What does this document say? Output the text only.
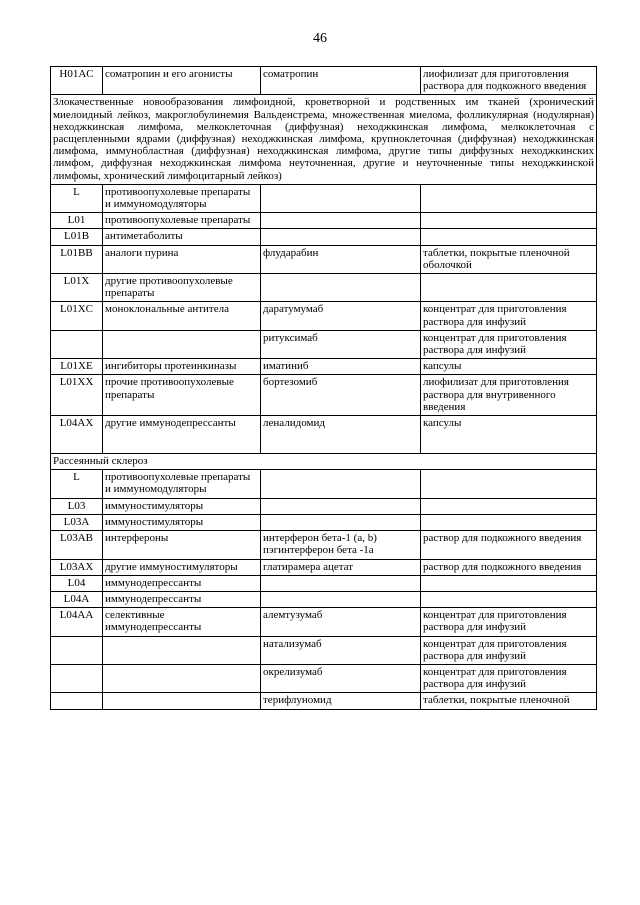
46
H01AC	соматропин и его агонисты	соматропин	лиофилизат для приготовления раствора для подкожного введения
Злокачественные новообразования лимфоидной, кроветворной и родственных им тканей (хронический миелоидный лейкоз, макроглобулинемия Вальденстрема, множественная миелома, фолликулярная (нодулярная) неходжкинская лимфома, мелкоклеточная (диффузная) неходжкинская лимфома, мелкоклеточная с расщепленными ядрами (диффузная) неходжкинская лимфома, крупноклеточная (диффузная) неходжкинская лимфома, иммунобластная (диффузная) неходжкинская лимфома, другие типы диффузных неходжкинских лимфом, диффузная неходжкинская лимфома неуточненная, другие и неуточненные типы неходжкинской лимфомы, хронический лимфоцитарный лейкоз)			
L	противоопухолевые препараты и иммуномодуляторы		
L01	противоопухолевые препараты		
L01B	антиметаболиты		
L01BB	аналоги пурина	флударабин	таблетки, покрытые пленочной оболочкой
L01X	другие противоопухолевые препараты		
L01XC	моноклональные антитела	даратумумаб	концентрат для приготовления раствора для инфузий
		ритуксимаб	концентрат для приготовления раствора для инфузий
L01XE	ингибиторы протеинкиназы	иматиниб	капсулы
L01XX	прочие противоопухолевые препараты	бортезомиб	лиофилизат для приготовления раствора для внутривенного введения
L04AX	другие иммунодепрессанты	леналидомид	капсулы
Рассеянный склероз			
L	противоопухолевые препараты и иммуномодуляторы		
L03	иммуностимуляторы		
L03A	иммуностимуляторы		
L03AB	интерфероны	интерферон бета-1 (a, b) пэгинтерферон бета -1a	раствор для подкожного введения
L03AX	другие иммуностимуляторы	глатирамера ацетат	раствор для подкожного введения
L04	иммунодепрессанты		
L04A	иммунодепрессанты		
L04AA	селективные иммунодепрессанты	алемтузумаб	концентрат для приготовления раствора для инфузий
		натализумаб	концентрат для приготовления раствора для инфузий
		окрелизумаб	концентрат для приготовления раствора для инфузий
		терифлуномид	таблетки, покрытые пленочной
